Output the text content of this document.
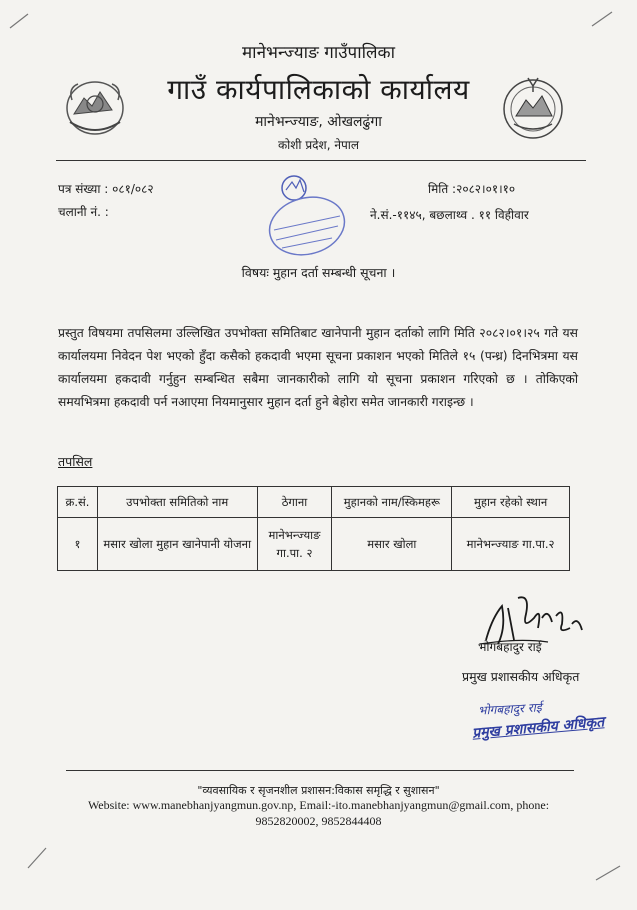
मानेभन्ज्याङ गाउँपालिका
गाउँ कार्यपालिकाको कार्यालय
मानेभन्ज्याङ, ओखलढुंगा
कोशी प्रदेश, नेपाल
पत्र संख्या : ०८१/०८२
चलानी नं. :
मिति :२०८२।०१।१०
ने.सं.-११४५, बछलाथ्व . ११ विहीवार
विषयः मुहान दर्ता सम्बन्धी सूचना ।
प्रस्तुत विषयमा तपसिलमा उल्लिखित उपभोक्ता समितिबाट खानेपानी मुहान दर्ताको लागि मिति २०८२।०१।२५ गते यस कार्यालयमा निवेदन पेश भएको हुँदा कसैको हकदावी भएमा सूचना प्रकाशन भएको मितिले १५ (पन्ध्र) दिनभित्रमा यस कार्यालयमा हकदावी गर्नुहुन सम्बन्धित सबैमा जानकारीको लागि यो सूचना प्रकाशन गरिएको छ । तोकिएको समयभित्रमा हकदावी पर्न नआएमा नियमानुसार मुहान दर्ता हुने बेहोरा समेत जानकारी गराइन्छ ।
तपसिल
क्र.सं.	उपभोक्ता समितिको नाम	ठेगाना	मुहानको नाम/स्किमहरू	मुहान रहेको स्थान
१	मसार खोला मुहान खानेपानी योजना	मानेभन्ज्याङ गा.पा. २	मसार खोला	मानेभन्ज्याङ गा.पा.२
भोगबहादुर राई
प्रमुख प्रशासकीय अधिकृत
भोगबहादुर राई
प्रमुख प्रशासकीय अधिकृत
"व्यवसायिक र सृजनशील प्रशासन:विकास समृद्धि र सुशासन"
Website: www.manebhanjyangmun.gov.np, Email:-ito.manebhanjyangmun@gmail.com, phone:
9852820002, 9852844408
